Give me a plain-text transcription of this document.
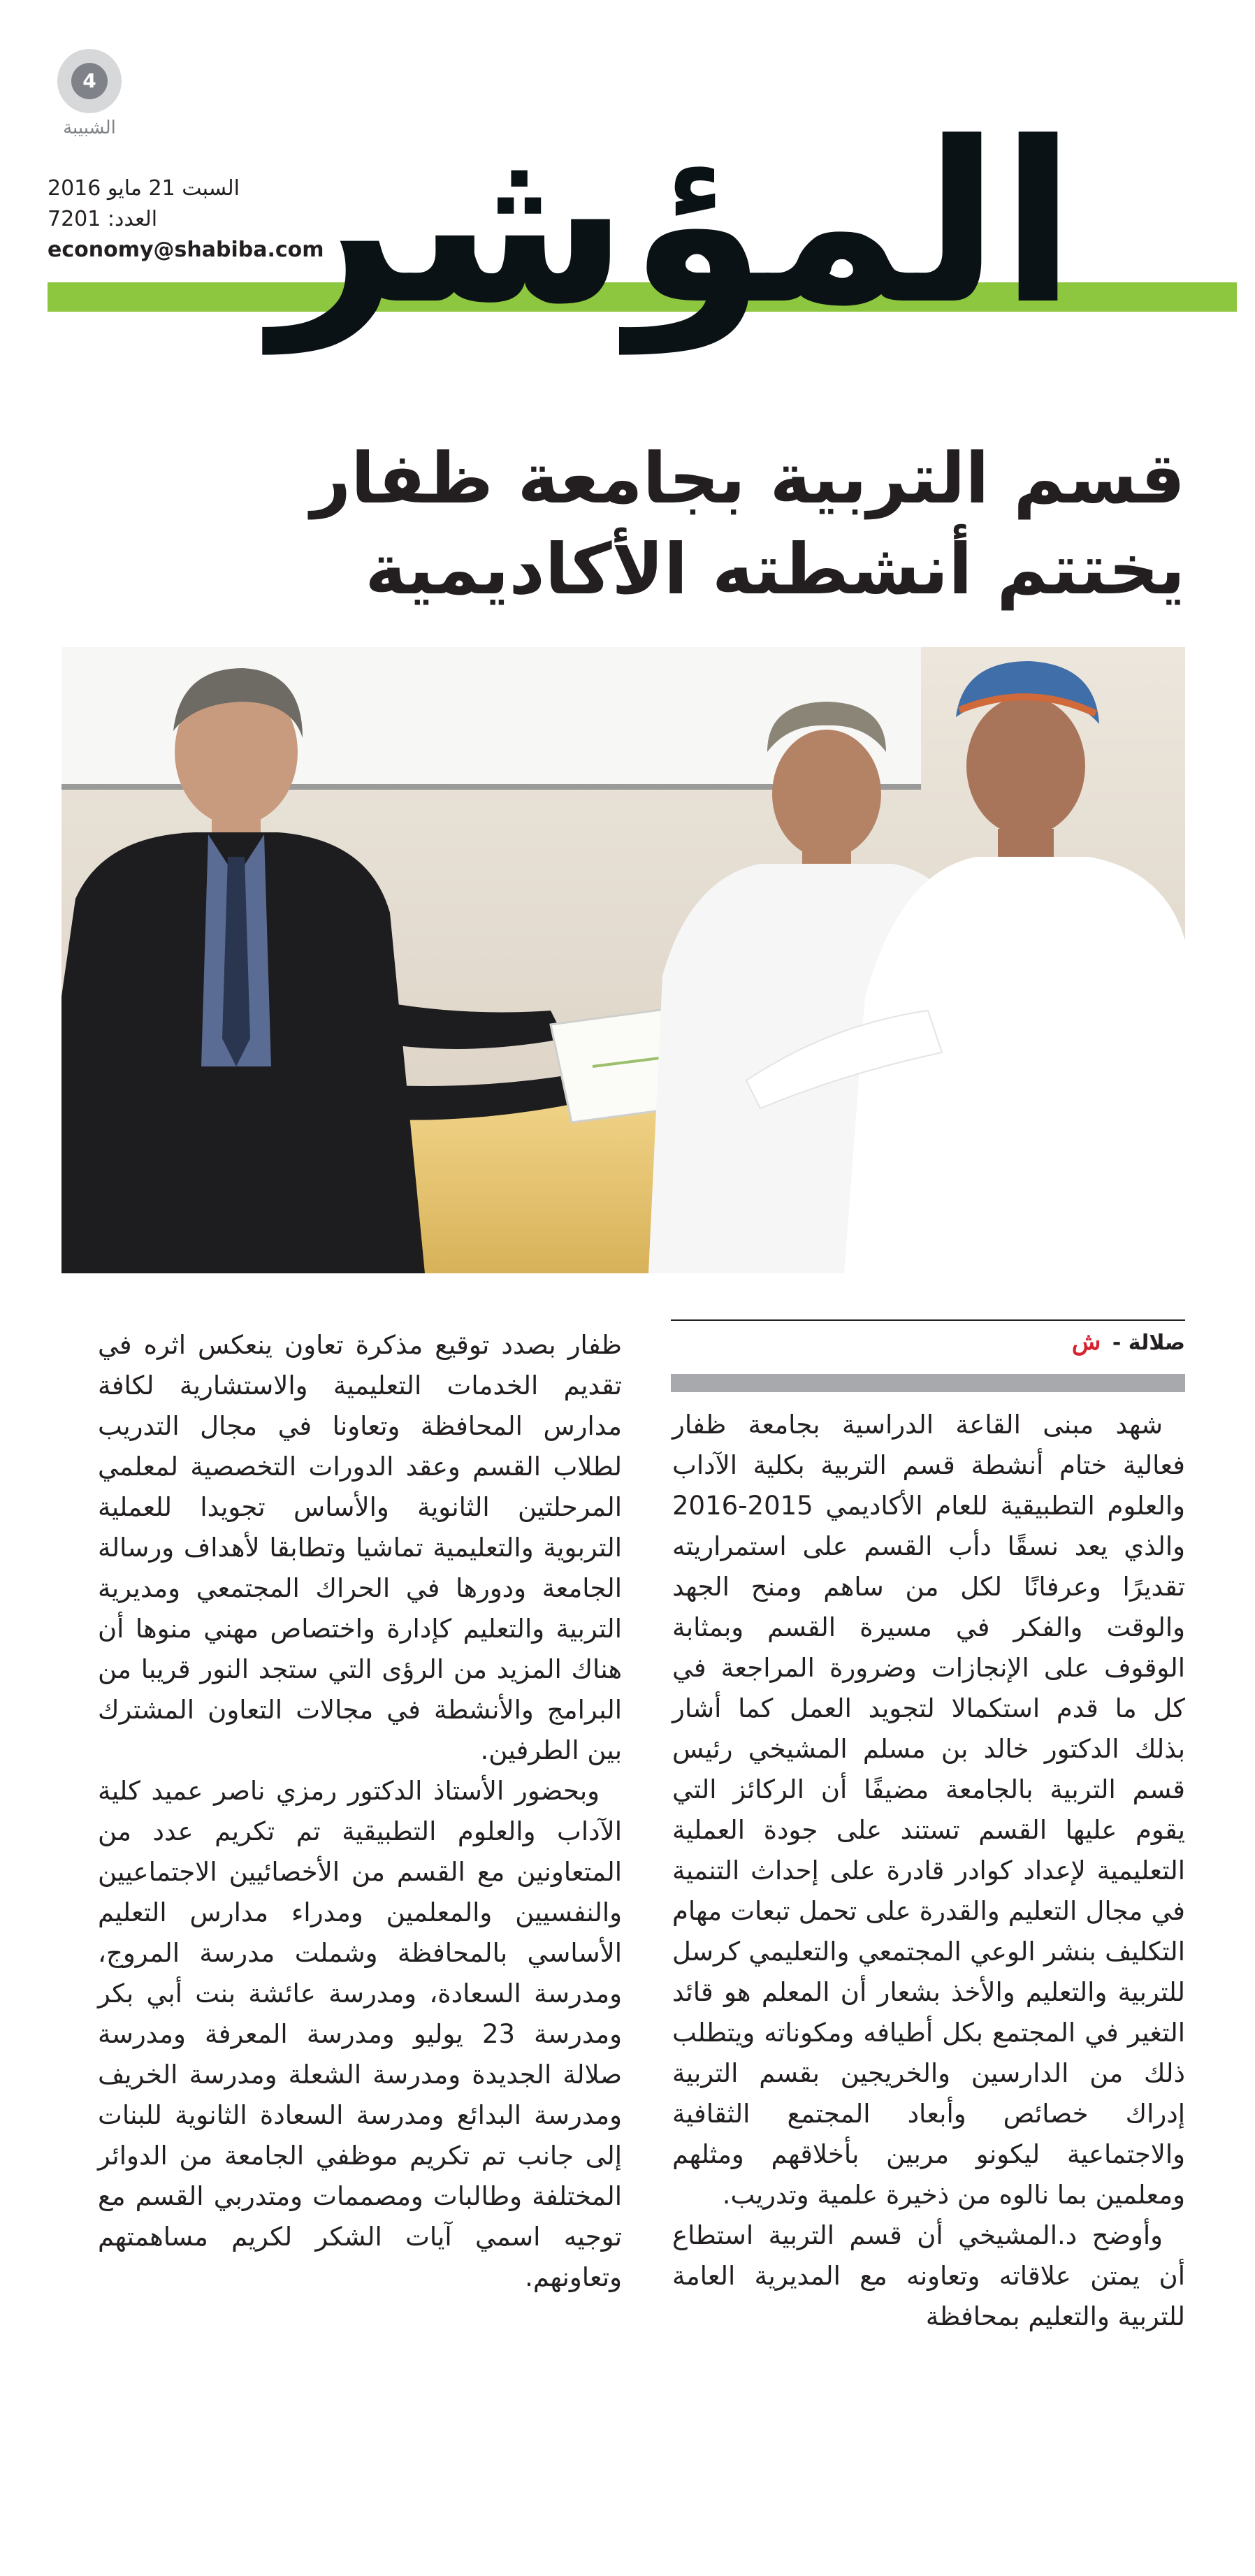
4
الشبيبة
السبت 21 مايو 2016
العدد: 7201
economy@shabiba.com
المؤشر
قسم التربية بجامعة ظفار
يختتم أنشطته الأكاديمية
صلالة - ش

شهد مبنى القاعة الدراسية بجامعة ظفار فعالية ختام أنشطة قسم التربية بكلية الآداب والعلوم التطبيقية للعام الأكاديمي 2015-2016 والذي يعد نسقًا دأب القسم على استمراريته تقديرًا وعرفانًا لكل من ساهم ومنح الجهد والوقت والفكر في مسيرة القسم وبمثابة الوقوف على الإنجازات وضرورة المراجعة في كل ما قدم استكمالا لتجويد العمل كما أشار بذلك الدكتور خالد بن مسلم المشيخي رئيس قسم التربية بالجامعة مضيفًا أن الركائز التي يقوم عليها القسم تستند على جودة العملية التعليمية لإعداد كوادر قادرة على إحداث التنمية في مجال التعليم والقدرة على تحمل تبعات مهام التكليف بنشر الوعي المجتمعي والتعليمي كرسل للتربية والتعليم والأخذ بشعار أن المعلم هو قائد التغير في المجتمع بكل أطيافه ومكوناته ويتطلب ذلك من الدارسين والخريجين بقسم التربية إدراك خصائص وأبعاد المجتمع الثقافية والاجتماعية ليكونو مربين بأخلاقهم ومثلهم ومعلمين بما نالوه من ذخيرة علمية وتدريب.

وأوضح د.المشيخي أن قسم التربية استطاع أن يمتن علاقاته وتعاونه مع المديرية العامة للتربية والتعليم بمحافظة

ظفار بصدد توقيع مذكرة تعاون ينعكس اثره في تقديم الخدمات التعليمية والاستشارية لكافة مدارس المحافظة وتعاونا في مجال التدريب لطلاب القسم وعقد الدورات التخصصية لمعلمي المرحلتين الثانوية والأساس تجويدا للعملية التربوية والتعليمية تماشيا وتطابقا لأهداف ورسالة الجامعة ودورها في الحراك المجتمعي ومديرية التربية والتعليم كإدارة واختصاص مهني منوها أن هناك المزيد من الرؤى التي ستجد النور قريبا من البرامج والأنشطة في مجالات التعاون المشترك بين الطرفين.

وبحضور الأستاذ الدكتور رمزي ناصر عميد كلية الآداب والعلوم التطبيقية تم تكريم عدد من المتعاونين مع القسم من الأخصائيين الاجتماعيين والنفسيين والمعلمين ومدراء مدارس التعليم الأساسي بالمحافظة وشملت مدرسة المروج، ومدرسة السعادة، ومدرسة عائشة بنت أبي بكر ومدرسة 23 يوليو ومدرسة المعرفة ومدرسة صلالة الجديدة ومدرسة الشعلة ومدرسة الخريف ومدرسة البدائع ومدرسة السعادة الثانوية للبنات إلى جانب تم تكريم موظفي الجامعة من الدوائر المختلفة وطالبات ومصممات ومتدربي القسم مع توجيه اسمي آيات الشكر لكريم مساهمتهم وتعاونهم.
